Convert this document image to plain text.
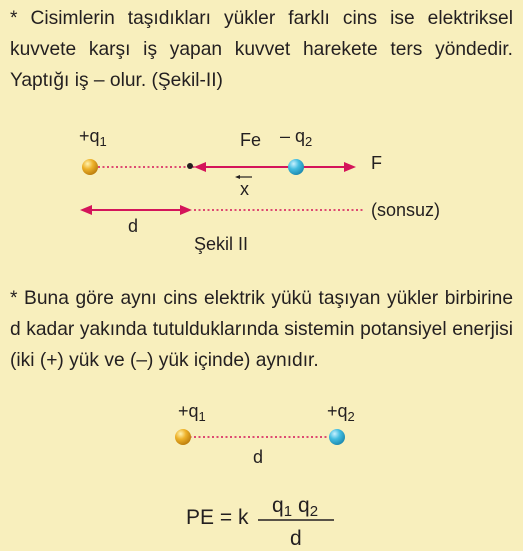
* Cisimlerin taşıdıkları yükler farklı cins ise elektriksel kuvvete karşı iş yapan kuvvet harekete ters yöndedir. Yaptığı iş – olur. (Şekil-II)

$+q_1$	Fe – $q_2$
F
x
(sonsuz)
d
Şekil II
$+q_1$	$+q_2$
d
PE = k
q1 q2
d

* Buna göre aynı cins elektrik yükü taşıyan yükler birbirine d kadar yakında tutulduklarında sistemin potansiyel enerjisi (iki (+) yük ve (–) yük içinde) aynıdır.
